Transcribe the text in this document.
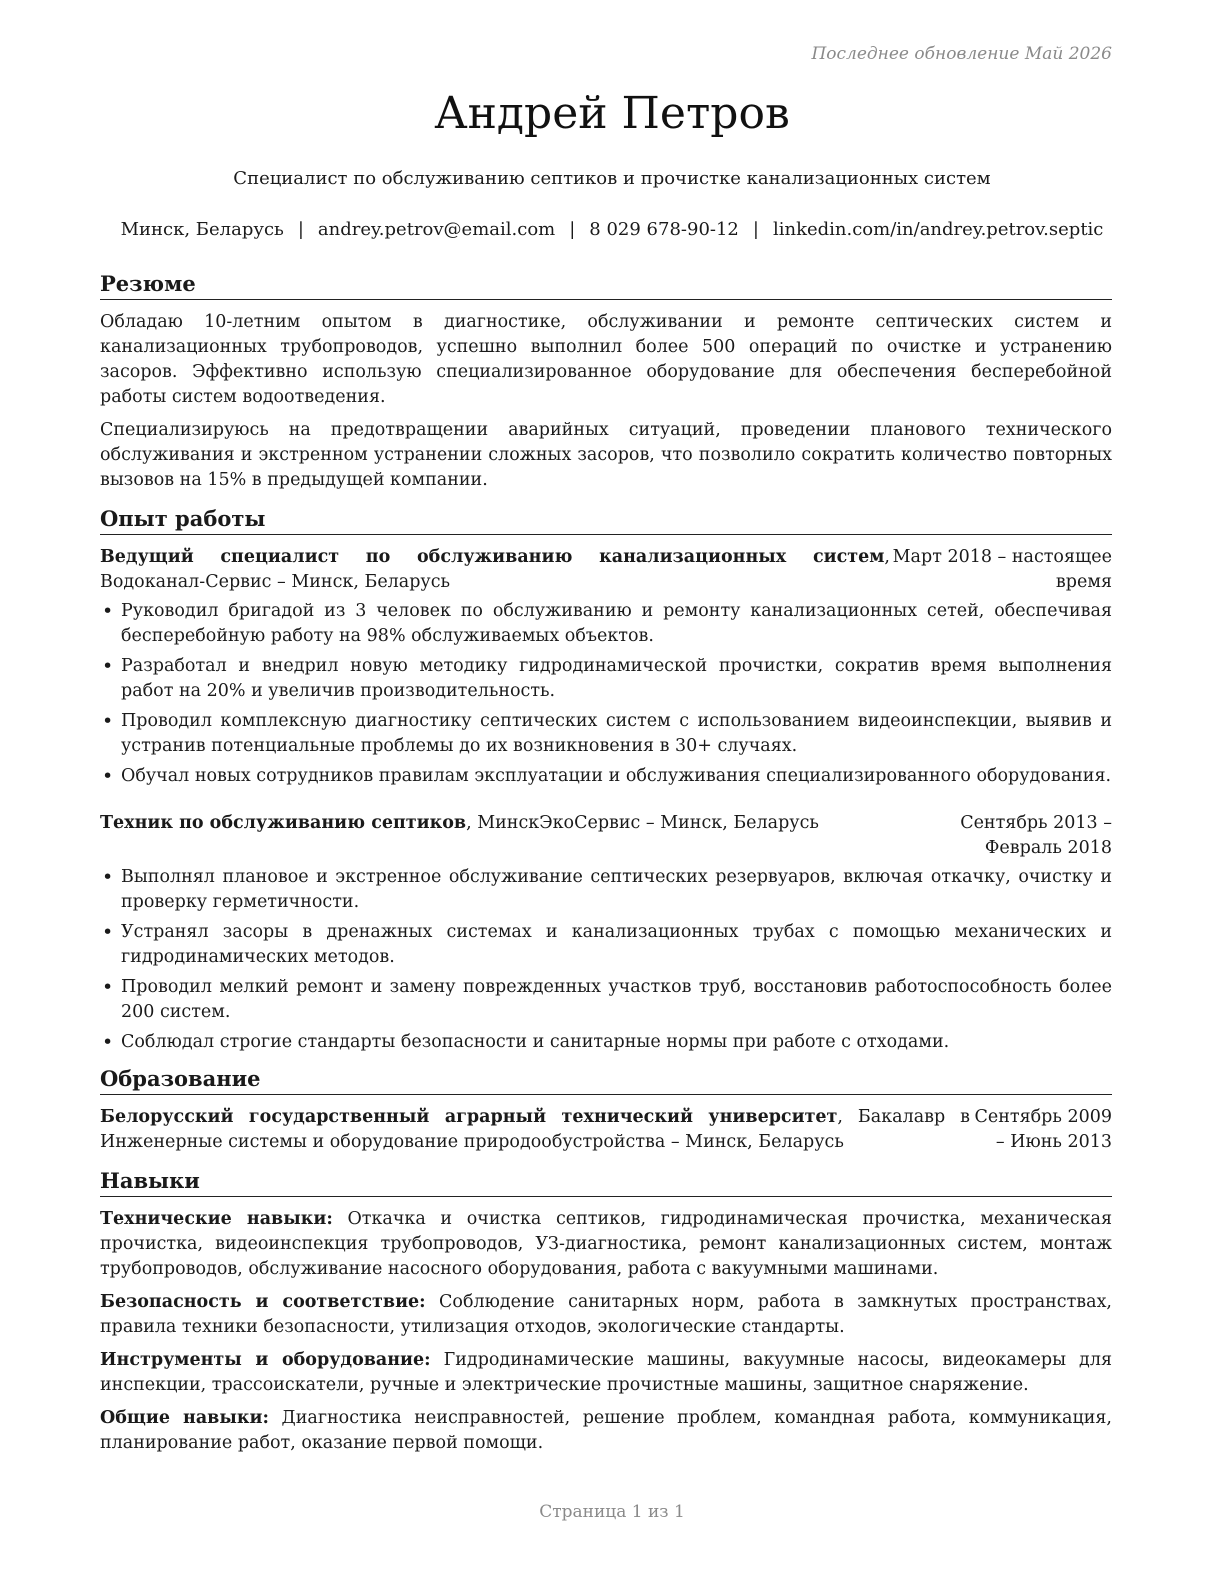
Последнее обновление Май 2026
Андрей Петров
Специалист по обслуживанию септиков и прочистке канализационных систем
Минск, Беларусь | andrey.petrov@email.com | 8 029 678-90-12 | linkedin.com/in/andrey.petrov.septic
Резюме

Обладаю 10-летним опытом в диагностике, обслуживании и ремонте септических систем и канализационных трубопроводов, успешно выполнил более 500 операций по очистке и устранению засоров. Эффективно использую специализированное оборудование для обеспечения бесперебойной работы систем водоотведения.

Специализируюсь на предотвращении аварийных ситуаций, проведении планового технического обслуживания и экстренном устранении сложных засоров, что позволило сократить количество повторных вызовов на 15% в предыдущей компании.

Опыт работы
Ведущий специалист по обслуживанию канализационных систем, Водоканал-Сервис – Минск, Беларусь
Март 2018 – настоящее время
• Руководил бригадой из 3 человек по обслуживанию и ремонту канализационных сетей, обеспечивая бесперебойную работу на 98% обслуживаемых объектов.
• Разработал и внедрил новую методику гидродинамической прочистки, сократив время выполнения работ на 20% и увеличив производительность.
• Проводил комплексную диагностику септических систем с использованием видеоинспекции, выявив и устранив потенциальные проблемы до их возникновения в 30+ случаях.
• Обучал новых сотрудников правилам эксплуатации и обслуживания специализированного оборудования.
Техник по обслуживанию септиков, МинскЭкоСервис – Минск, Беларусь	Сентябрь 2013 – Февраль 2018
• Выполнял плановое и экстренное обслуживание септических резервуаров, включая откачку, очистку и проверку герметичности.
• Устранял засоры в дренажных системах и канализационных трубах с помощью механических и гидродинамических методов.
• Проводил мелкий ремонт и замену поврежденных участков труб, восстановив работоспособность более 200 систем.
• Соблюдал строгие стандарты безопасности и санитарные нормы при работе с отходами.
Образование
Белорусский государственный аграрный технический университет, Бакалавр в Инженерные системы и оборудование природообустройства – Минск, Беларусь
Сентябрь 2009 – Июнь 2013
Навыки
Технические навыки: Откачка и очистка септиков, гидродинамическая прочистка, механическая прочистка, видеоинспекция трубопроводов, УЗ-диагностика, ремонт канализационных систем, монтаж трубопроводов, обслуживание насосного оборудования, работа с вакуумными машинами.
Безопасность и соответствие: Соблюдение санитарных норм, работа в замкнутых пространствах, правила техники безопасности, утилизация отходов, экологические стандарты.
Инструменты и оборудование: Гидродинамические машины, вакуумные насосы, видеокамеры для инспекции, трассоискатели, ручные и электрические прочистные машины, защитное снаряжение.
Общие навыки: Диагностика неисправностей, решение проблем, командная работа, коммуникация, планирование работ, оказание первой помощи.
Страница 1 из 1
